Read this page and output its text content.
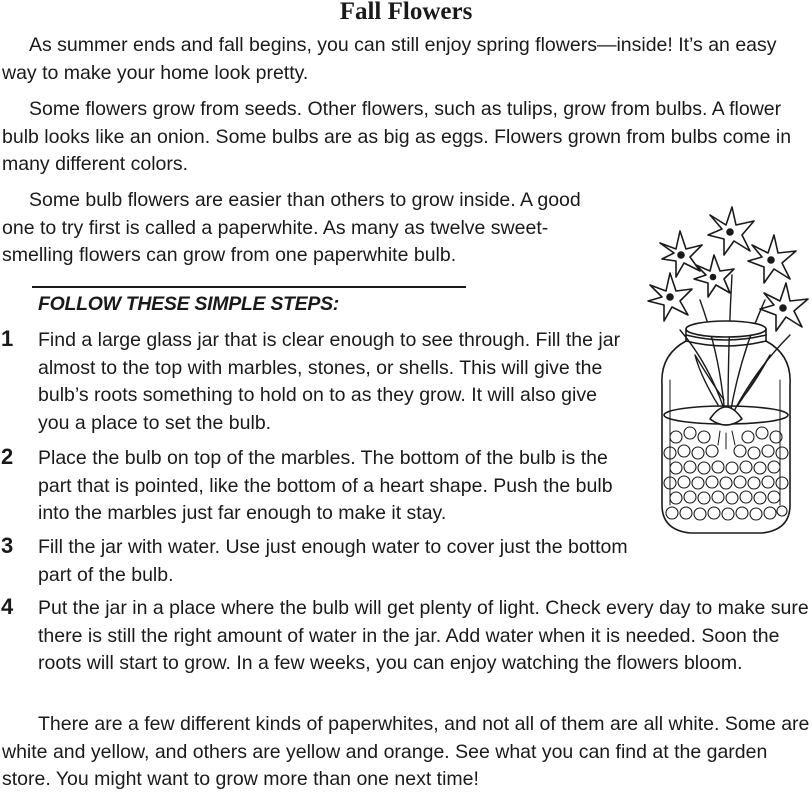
Fall Flowers

As summer ends and fall begins, you can still enjoy spring flowers—inside! It’s an easy way to make your home look pretty.

Some flowers grow from seeds. Other flowers, such as tulips, grow from bulbs. A flower bulb looks like an onion. Some bulbs are as big as eggs. Flowers grown from bulbs come in many different colors.

Some bulb flowers are easier than others to grow inside. A good one to try first is called a paperwhite. As many as twelve sweet-smelling flowers can grow from one paperwhite bulb.

FOLLOW THESE SIMPLE STEPS:
1 Find a large glass jar that is clear enough to see through. Fill the jar almost to the top with marbles, stones, or shells. This will give the bulb’s roots something to hold on to as they grow. It will also give you a place to set the bulb.

2 Place the bulb on top of the marbles. The bottom of the bulb is the part that is pointed, like the bottom of a heart shape. Push the bulb into the marbles just far enough to make it stay.

3 Fill the jar with water. Use just enough water to cover just the bottom part of the bulb.

4 Put the jar in a place where the bulb will get plenty of light. Check every day to make sure there is still the right amount of water in the jar. Add water when it is needed. Soon the roots will start to grow. In a few weeks, you can enjoy watching the flowers bloom.

There are a few different kinds of paperwhites, and not all of them are all white. Some are white and yellow, and others are yellow and orange. See what you can find at the garden store. You might want to grow more than one next time!
